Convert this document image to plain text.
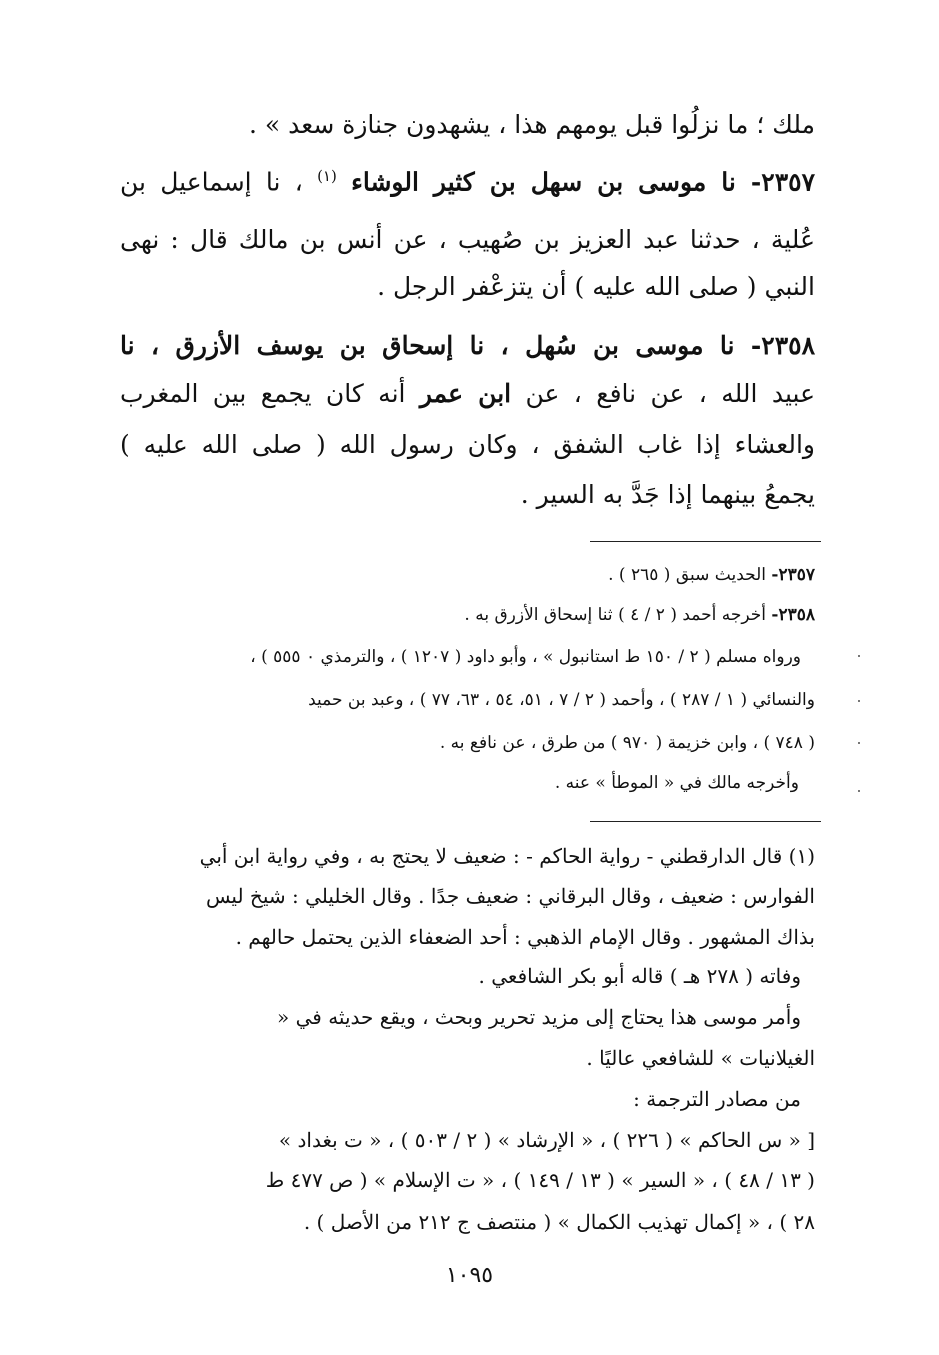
ملك ؛ ما نزلُوا قبل يومهم هذا ، يشهدون جنازة سعد » .
٢٣٥٧- نا موسى بن سهل بن كثير الوشاء $^{(١)}$ ، نا إسماعيل بن
عُلية ، حدثنا عبد العزيز بن صُهيب ، عن أنس بن مالك قال : نهى
النبي ( صلى الله عليه ) أن يتزعْفر الرجل .
٢٣٥٨- نا موسى بن سُهل ، نا إسحاق بن يوسف الأزرق ، نا
عبيد الله ، عن نافع ، عن ابن عمر أنه كان يجمع بين المغرب
والعشاء إذا غاب الشفق ، وكان رسول الله ( صلى الله عليه )
يجمعُ بينهما إذا جَدَّ به السير .
٢٣٥٧- الحديث سبق ( ٢٦٥ ) .
٢٣٥٨- أخرجه أحمد ( ٢ / ٤ ) ثنا إسحاق الأزرق به .
ورواه مسلم ( ٢ / ١٥٠ ط استانبول » ، وأبو داود ( ١٢٠٧ ) ، والترمذي ٠ ٥٥٥ ) ،
والنسائي ( ١ / ٢٨٧ ) ، وأحمد ( ٢ / ٧ ، ٥١، ٥٤ ، ٦٣، ٧٧ ) ، وعبد بن حميد
( ٧٤٨ ) ، وابن خزيمة ( ٩٧٠ ) من طرق ، عن نافع به .
وأخرجه مالك في « الموطأ » عنه .
(١) قال الدارقطني - رواية الحاكم - : ضعيف لا يحتج به ، وفي رواية ابن أبي
الفوارس : ضعيف ، وقال البرقاني : ضعيف جدًا . وقال الخليلي : شيخ ليس
بذاك المشهور . وقال الإمام الذهبي : أحد الضعفاء الذين يحتمل حالهم .
وفاته ( ٢٧٨ هـ ) قاله أبو بكر الشافعي .
وأمر موسى هذا يحتاج إلى مزيد تحرير وبحث ، ويقع حديثه في «
الغيلانيات » للشافعي عاليًا .
من مصادر الترجمة :
[ « س الحاكم » ( ٢٢٦ ) ، « الإرشاد » ( ٢ / ٥٠٣ ) ، « ت بغداد »
( ١٣ / ٤٨ ) ، « السير » ( ١٣ / ١٤٩ ) ، « ت الإسلام » ( ص ٤٧٧ ط
٢٨ ) ، « إكمال تهذيب الكمال » ( منتصف ج ٢١٢ من الأصل ) .
١٠٩٥
